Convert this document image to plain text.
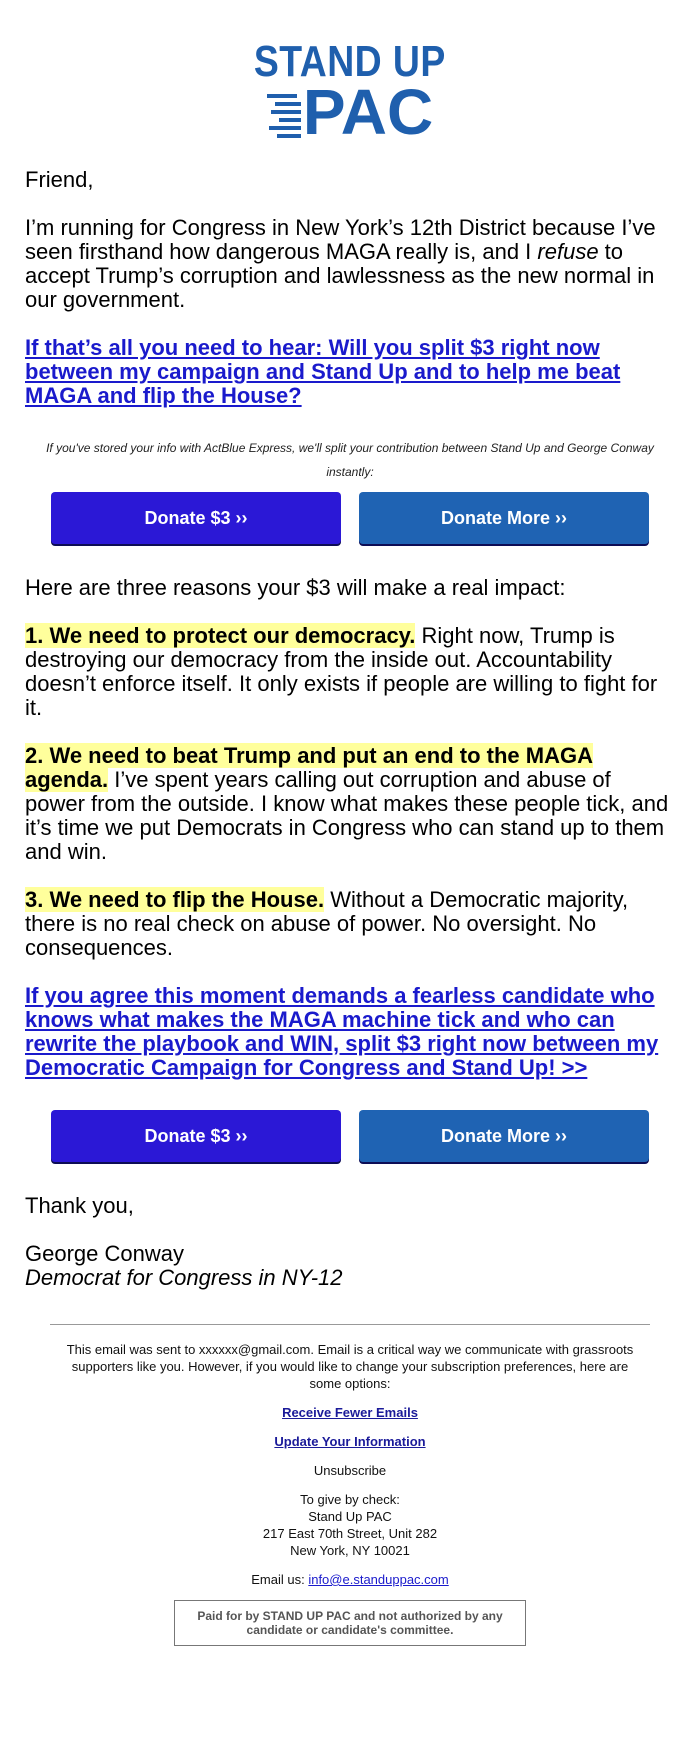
STAND UP
PAC

Friend,

I’m running for Congress in New York’s 12th District because I’ve seen firsthand how dangerous MAGA really is, and I refuse to accept Trump’s corruption and lawlessness as the new normal in our government.

If that’s all you need to hear: Will you split $3 right now between my campaign and Stand Up and to help me beat MAGA and flip the House?

If you've stored your info with ActBlue Express, we'll split your contribution between Stand Up and George Conway instantly:

Donate $3 ››	Donate More ››

Here are three reasons your $3 will make a real impact:

1. We need to protect our democracy. Right now, Trump is destroying our democracy from the inside out. Accountability doesn’t enforce itself. It only exists if people are willing to fight for it.

2. We need to beat Trump and put an end to the MAGA agenda. I’ve spent years calling out corruption and abuse of power from the outside. I know what makes these people tick, and it’s time we put Democrats in Congress who can stand up to them and win.

3. We need to flip the House. Without a Democratic majority, there is no real check on abuse of power. No oversight. No consequences.

If you agree this moment demands a fearless candidate who knows what makes the MAGA machine tick and who can rewrite the playbook and WIN, split $3 right now between my Democratic Campaign for Congress and Stand Up! >>

Donate $3 ››	Donate More ››

Thank you,

George Conway

Democrat for Congress in NY-12

This email was sent to xxxxxx@gmail.com. Email is a critical way we communicate with grassroots supporters like you. However, if you would like to change your subscription preferences, here are some options:

Receive Fewer Emails

Update Your Information

Unsubscribe

To give by check:
Stand Up PAC
217 East 70th Street, Unit 282
New York, NY 10021

Email us: info@e.standuppac.com

Paid for by STAND UP PAC and not authorized by any candidate or candidate's committee.
